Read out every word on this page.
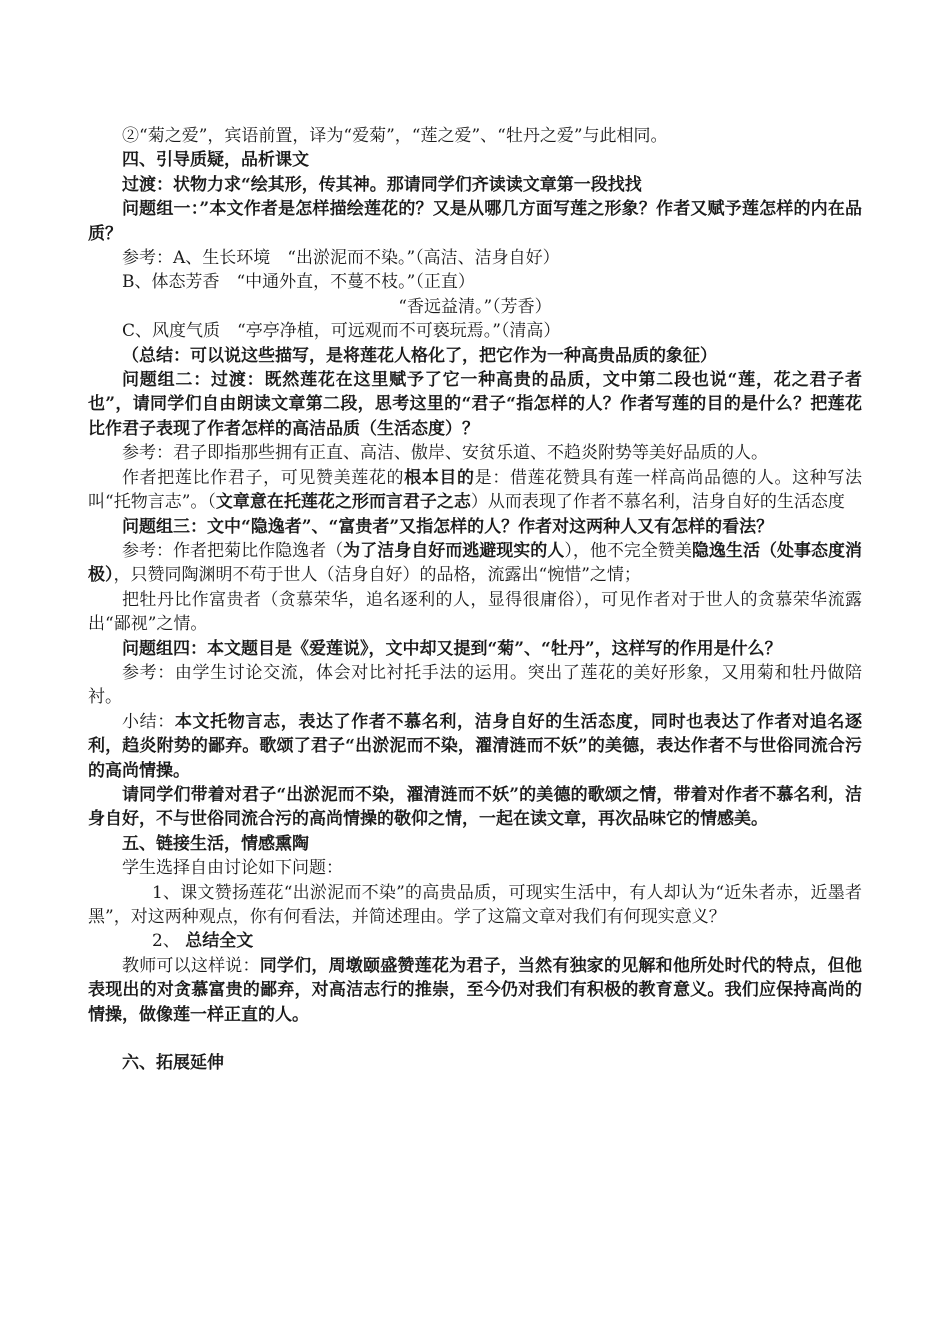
②“菊之爱”，宾语前置，译为“爱菊”，“莲之爱”、“牡丹之爱”与此相同。

四、引导质疑，品析课文

过渡：状物力求“绘其形，传其神。那请同学们齐读读文章第一段找找

问题组一：”本文作者是怎样描绘莲花的？又是从哪几方面写莲之形象？作者又赋予莲怎样的内在品质？

参考：A、生长环境　“出淤泥而不染。”（高洁、洁身自好）

B、体态芳香　“中通外直，不蔓不枝。”（正直）

“香远益清。”（芳香）

C、风度气质　“亭亭净植，可远观而不可亵玩焉。”（清高）

（总结：可以说这些描写，是将莲花人格化了，把它作为一种高贵品质的象征）

问题组二：过渡：既然莲花在这里赋予了它一种高贵的品质，文中第二段也说“莲，花之君子者也”，请同学们自由朗读文章第二段，思考这里的“君子“指怎样的人？作者写莲的目的是什么？把莲花比作君子表现了作者怎样的高洁品质（生活态度）？

参考：君子即指那些拥有正直、高洁、傲岸、安贫乐道、不趋炎附势等美好品质的人。

作者把莲比作君子，可见赞美莲花的根本目的是：借莲花赞具有莲一样高尚品德的人。这种写法叫“托物言志”。（文章意在托莲花之形而言君子之志）从而表现了作者不慕名利，洁身自好的生活态度

问题组三：文中“隐逸者”、“富贵者”又指怎样的人？作者对这两种人又有怎样的看法？

参考：作者把菊比作隐逸者（为了洁身自好而逃避现实的人），他不完全赞美隐逸生活（处事态度消极），只赞同陶渊明不苟于世人（洁身自好）的品格，流露出“惋惜”之情；

把牡丹比作富贵者（贪慕荣华，追名逐利的人，显得很庸俗），可见作者对于世人的贪慕荣华流露出“鄙视”之情。

问题组四：本文题目是《爱莲说》，文中却又提到“菊”、“牡丹”，这样写的作用是什么？

参考：由学生讨论交流，体会对比衬托手法的运用。突出了莲花的美好形象，又用菊和牡丹做陪衬。

小结：本文托物言志，表达了作者不慕名利，洁身自好的生活态度，同时也表达了作者对追名逐利，趋炎附势的鄙弃。歌颂了君子“出淤泥而不染，濯清涟而不妖”的美德，表达作者不与世俗同流合污的高尚情操。

请同学们带着对君子“出淤泥而不染，濯清涟而不妖”的美德的歌颂之情，带着对作者不慕名利，洁身自好，不与世俗同流合污的高尚情操的敬仰之情，一起在读文章，再次品味它的情感美。

五、链接生活，情感熏陶

学生选择自由讨论如下问题：

1、课文赞扬莲花“出淤泥而不染”的高贵品质，可现实生活中，有人却认为“近朱者赤，近墨者黑”，对这两种观点，你有何看法，并简述理由。学了这篇文章对我们有何现实意义？

2、 总结全文

教师可以这样说：同学们，周墩颐盛赞莲花为君子，当然有独家的见解和他所处时代的特点，但他表现出的对贪慕富贵的鄙弃，对高洁志行的推崇，至今仍对我们有积极的教育意义。我们应保持高尚的情操，做像莲一样正直的人。

六、拓展延伸
